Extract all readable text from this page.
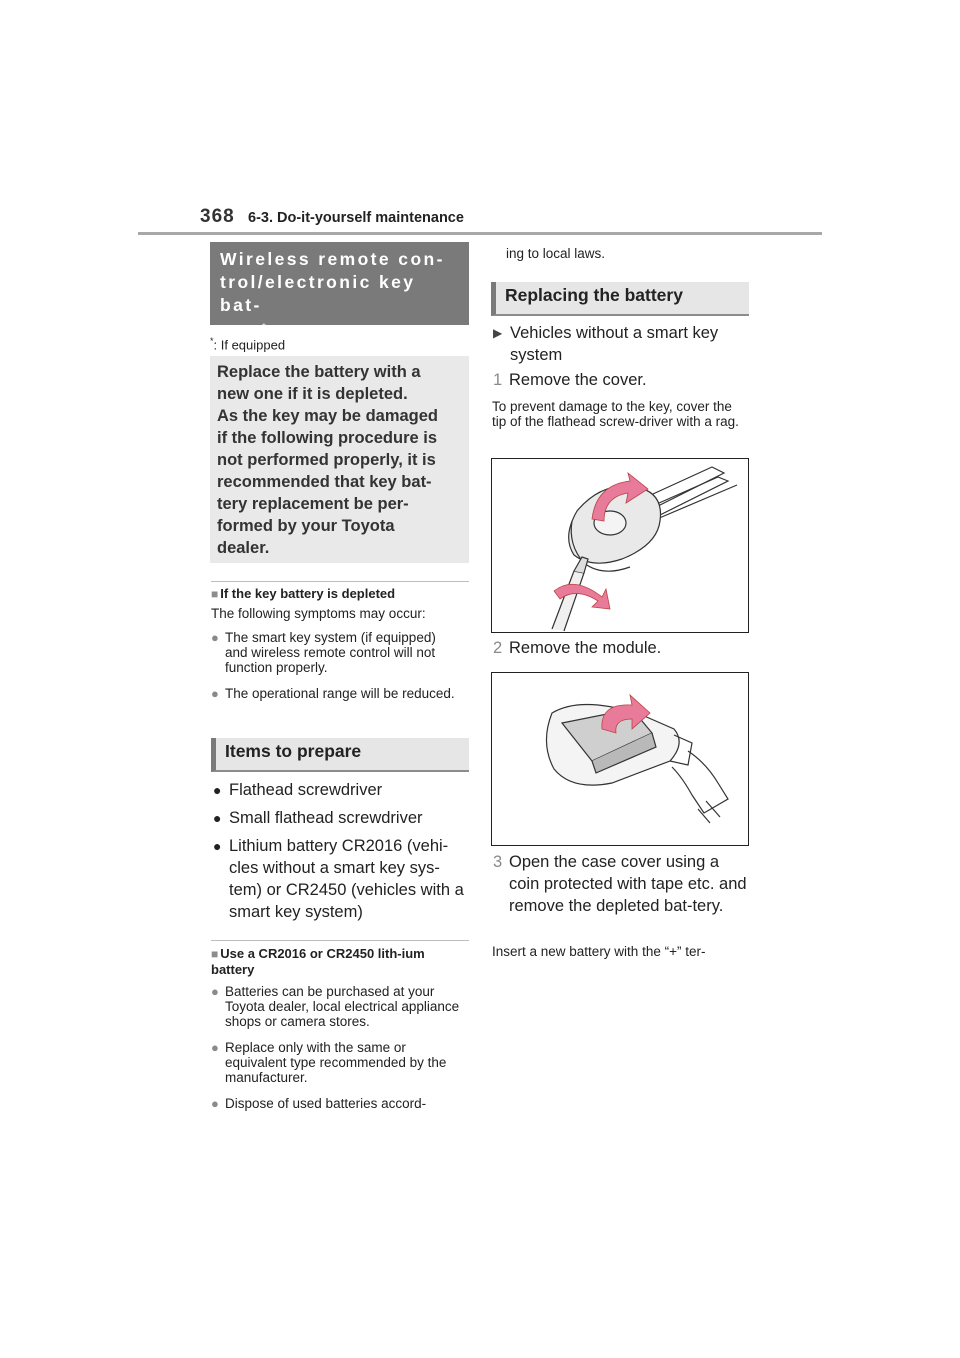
368 6-3. Do-it-yourself maintenance
Wireless remote con-
trol/electronic key bat-
tery*
*: If equipped

Replace the battery with a

new one if it is depleted.

As the key may be damaged

if the following procedure is

not performed properly, it is

recommended that key bat-

tery replacement be per-

formed by your Toyota

dealer.

■ If the key battery is depleted
The following symptoms may occur:
● The smart key system (if equipped) and wireless remote control will not function properly.
● The operational range will be reduced.
Items to prepare
● Flathead screwdriver
● Small flathead screwdriver
● Lithium battery CR2016 (vehi-cles without a smart key sys-tem) or CR2450 (vehicles with a smart key system)
■ Use a CR2016 or CR2450 lith-ium battery
● Batteries can be purchased at your Toyota dealer, local electrical appliance shops or camera stores.
● Replace only with the same or equivalent type recommended by the manufacturer.
● Dispose of used batteries accord-
ing to local laws.
Replacing the battery
▶ Vehicles without a smart key system
1 Remove the cover.
To prevent damage to the key, cover the tip of the flathead screw-driver with a rag.
2 Remove the module.
3 Open the case cover using a coin protected with tape etc. and remove the depleted bat-tery.
Insert a new battery with the “+” ter-
